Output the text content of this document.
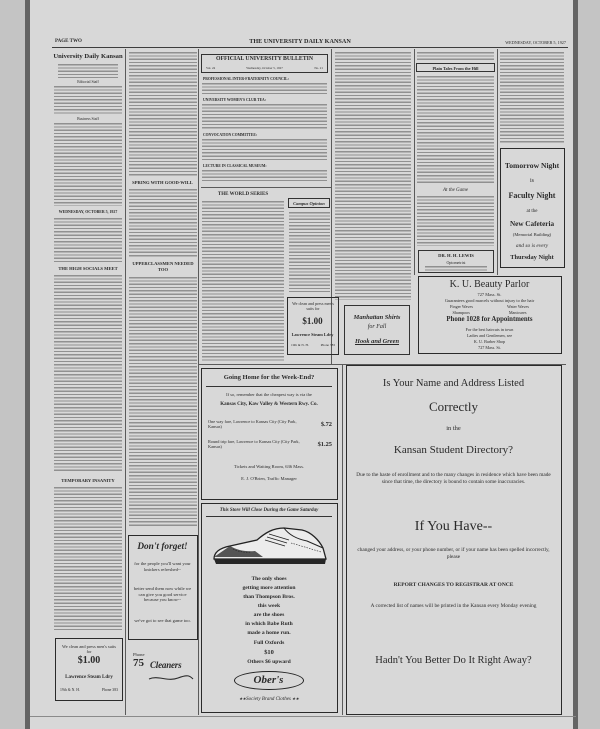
PAGE TWO	THE UNIVERSITY DAILY KANSAN	WEDNESDAY, OCTOBER 5, 1927
University Daily Kansan
Editorial Staff
Business Staff
WEDNESDAY, OCTOBER 5, 1927
THE HIGH SOCIALS MEET
TEMPORARY INSANITY
We clean and press men's suits for
$1.00
Lawrence Steam Ldry
19th & N. H.	Phone 383
SPRING WITH GOOD-WILL
UPPERCLASSMEN NEEDED TOO
Don't forget!
for the people you'll want your knickers refreshed--
better send them now while we can give you good service because you know--
we've got to see that game too.
Phone
75 Cleaners
OFFICIAL UNIVERSITY BULLETIN
Vol. 24	Wednesday, October 5, 1927	No. 21
PROFESSIONAL INTER-FRATERNITY COUNCIL:
UNIVERSITY WOMEN'S CLUB TEA:
CONVOCATION COMMITTEE:
LECTURE IN CLASSICAL MUSEUM:
THE WORLD SERIES
Campus Opinion
We clean and press men's suits for
$1.00
Lawrence Steam Ldry
19th & N. H.	Phone 383
Manhattan Shirts
for Fall
Hook and Green
Plain Tales From the Hill
At the Game
DR. H. H. LEWIS
Optometrist
Tomorrow Night
is
Faculty Night
at the
New Cafeteria
(Memorial Building)
and so is every
Thursday Night
K. U. Beauty Parlor
727 Mass. St.
Guarantees good marcels without injury to the hair
Finger Waves	Water Waves
Shampoos	Manicures
Phone 1028 for Appointments
For the best haircuts in town
Ladies and Gentlemen, see
K. U. Barber Shop
727 Mass. St.
Going Home for the Week-End?
If so, remember that the cheapest way is via the
Kansas City, Kaw Valley & Western Rwy. Co.
One way fare, Lawrence to Kansas City (City Park, Kansas)	$.72
Round trip fare, Lawrence to Kansas City (City Park, Kansas)	$1.25
Tickets and Waiting Room, 636 Mass.
E. J. O'Brien, Traffic Manager
This Store Will Close During the Game Saturday
The only shoes
getting more attention
than Thompson Bros.
this week
are the shoes
in which Babe Ruth
made a home run.
Full Oxfords
$10
Others $6 upward
Ober's
★★ Society Brand Clothes ★★
Is Your Name and Address Listed
Correctly
in the
Kansan Student Directory?
Due to the haste of enrollment and to the many changes in residence which have been made since that time, the directory is bound to contain some inaccuracies.
If You Have--
changed your address, or your phone number, or if your name has been spelled incorrectly, please
REPORT CHANGES TO REGISTRAR AT ONCE
A corrected list of names will be printed in the Kansan every Monday evening
Hadn't You Better Do It Right Away?
